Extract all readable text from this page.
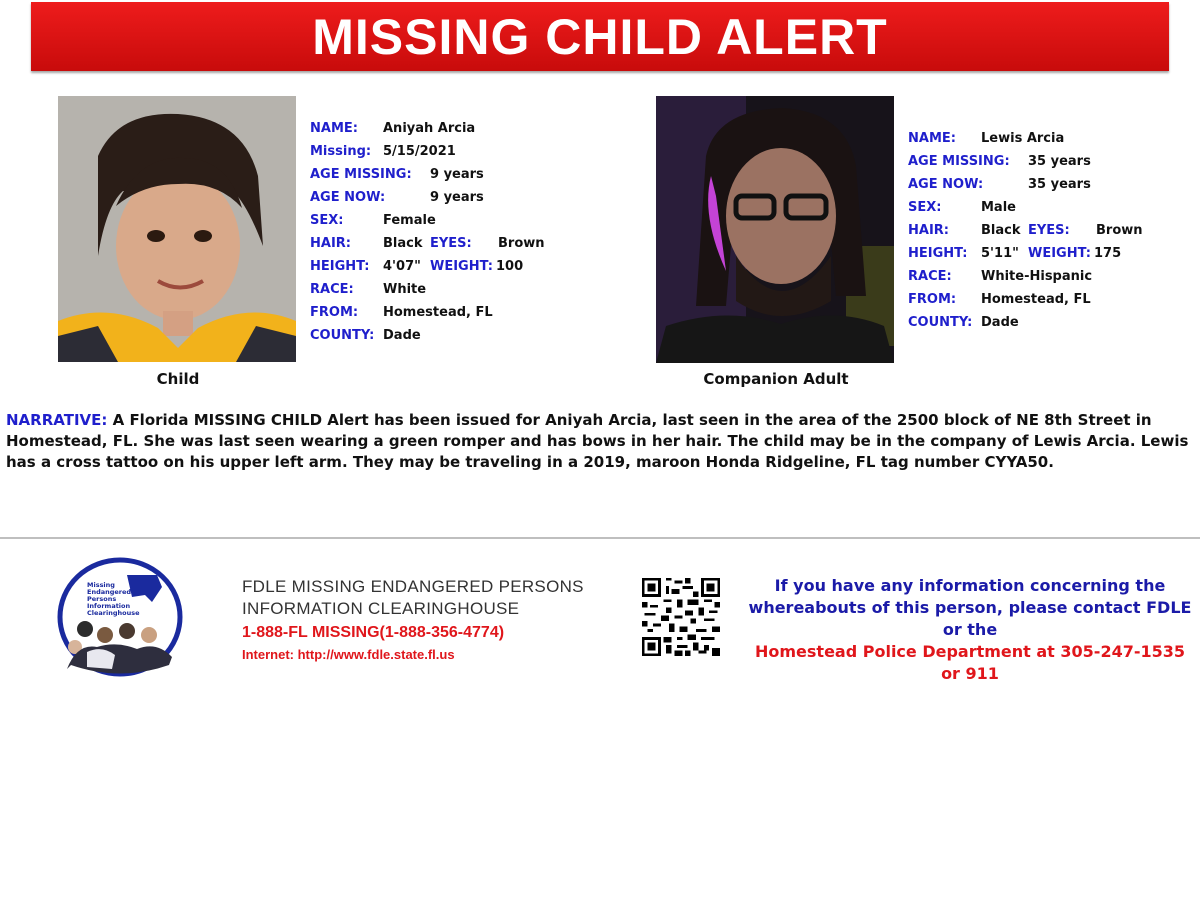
MISSING CHILD ALERT
Child
NAME: Aniyah Arcia
Missing: 5/15/2021
AGE MISSING: 9 years
AGE NOW:	9 years
SEX:	Female
HAIR: Black EYES: Brown
HEIGHT: 4'07" WEIGHT: 100
RACE: White
FROM: Homestead, FL
COUNTY: Dade
Companion Adult
NAME: Lewis Arcia
AGE MISSING: 35 years
AGE NOW:	35 years
SEX:	Male
HAIR: Black EYES: Brown
HEIGHT: 5'11" WEIGHT: 175
RACE: White-Hispanic
FROM: Homestead, FL
COUNTY: Dade
NARRATIVE: A Florida MISSING CHILD Alert has been issued for Aniyah Arcia, last seen in the area of the 2500 block of NE 8th Street in Homestead, FL. She was last seen wearing a green romper and has bows in her hair. The child may be in the company of Lewis Arcia. Lewis has a cross tattoo on his upper left arm. They may be traveling in a 2019, maroon Honda Ridgeline, FL tag number CYYA50.
Missing
Endangered
Persons
Information
Clearinghouse
FDLE MISSING ENDANGERED PERSONS
INFORMATION CLEARINGHOUSE
1-888-FL MISSING(1-888-356-4774)
Internet: http://www.fdle.state.fl.us
If you have any information concerning the
whereabouts of this person, please contact FDLE
or the
Homestead Police Department at 305-247-1535
or 911
